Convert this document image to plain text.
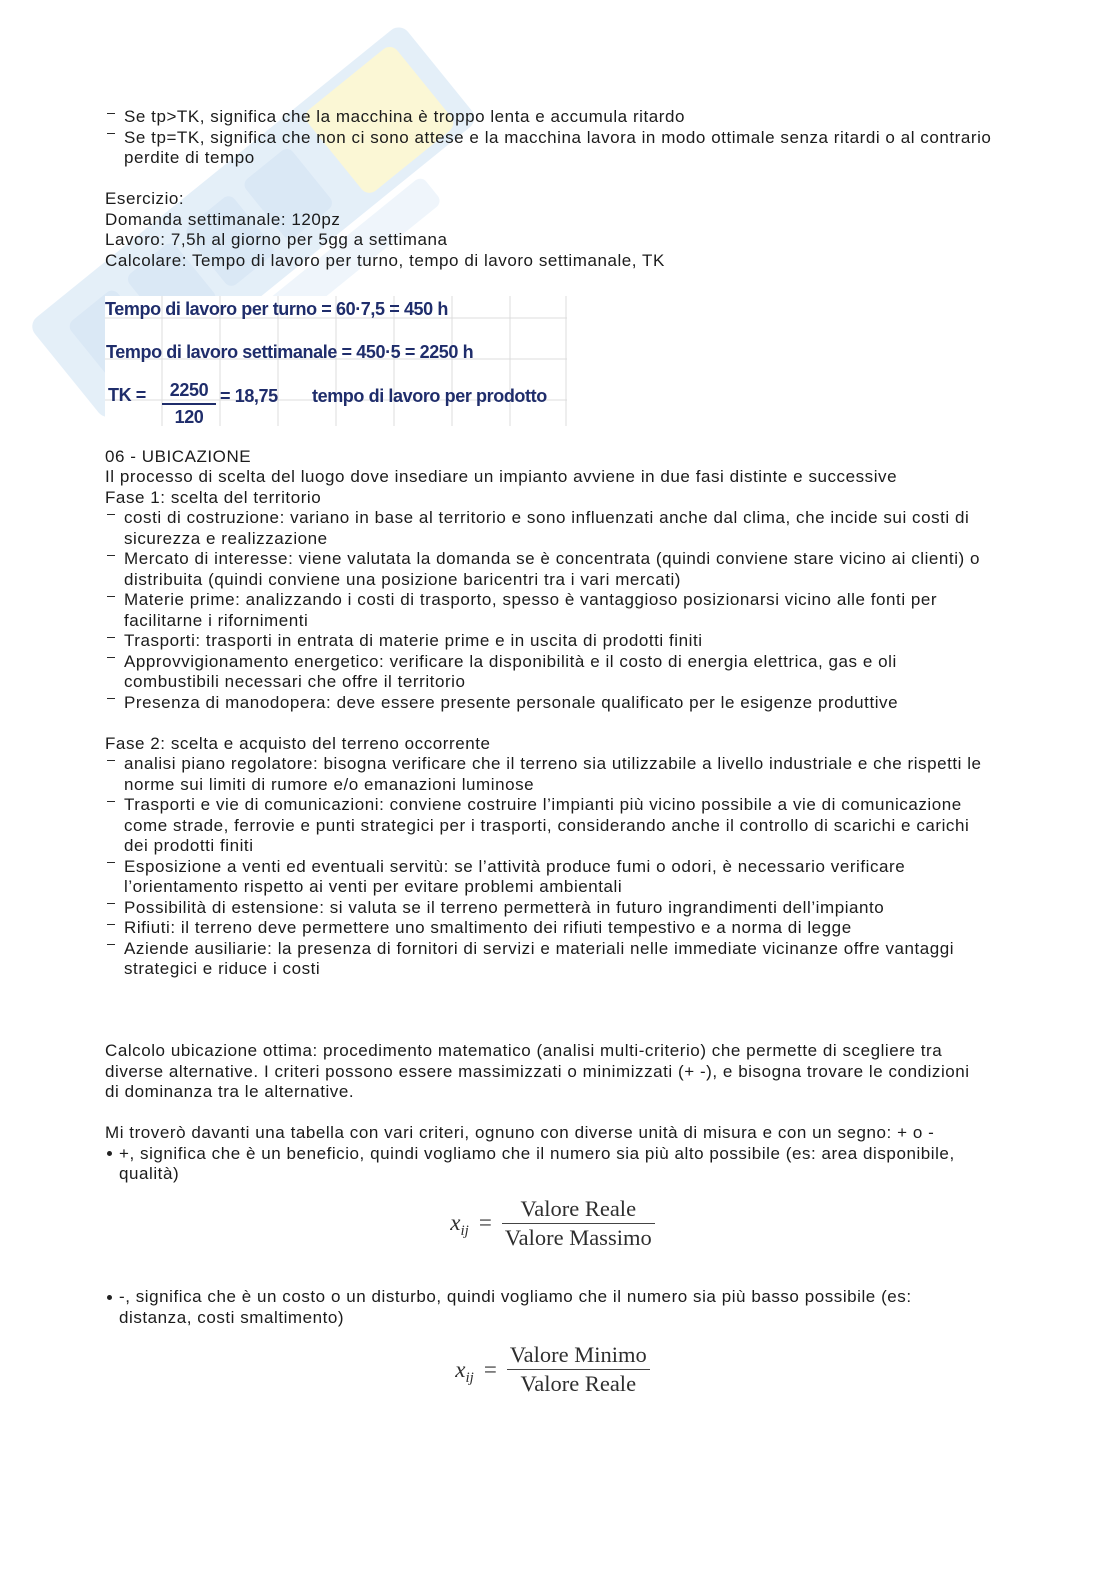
Se tp>TK, significa che la macchina è troppo lenta e accumula ritardo
Se tp=TK, significa che non ci sono attese e la macchina lavora in modo ottimale senza ritardi o al contrario
perdite di tempo
Esercizio:
Domanda settimanale: 120pz
Lavoro: 7,5h al giorno per 5gg a settimana
Calcolare: Tempo di lavoro per turno, tempo di lavoro settimanale, TK
Tempo di lavoro per turno = 60·7,5 = 450 h
Tempo di lavoro settimanale = 450·5 = 2250 h
TK =	2250
120
= 18,75 tempo di lavoro per prodotto
06 - UBICAZIONE
Il processo di scelta del luogo dove insediare un impianto avviene in due fasi distinte e successive
Fase 1: scelta del territorio
costi di costruzione: variano in base al territorio e sono influenzati anche dal clima, che incide sui costi di
sicurezza e realizzazione
Mercato di interesse: viene valutata la domanda se è concentrata (quindi conviene stare vicino ai clienti) o
distribuita (quindi conviene una posizione baricentri tra i vari mercati)
Materie prime: analizzando i costi di trasporto, spesso è vantaggioso posizionarsi vicino alle fonti per
facilitarne i rifornimenti
Trasporti: trasporti in entrata di materie prime e in uscita di prodotti finiti
Approvvigionamento energetico: verificare la disponibilità e il costo di energia elettrica, gas e oli
combustibili necessari che offre il territorio
Presenza di manodopera: deve essere presente personale qualificato per le esigenze produttive
Fase 2: scelta e acquisto del terreno occorrente
analisi piano regolatore: bisogna verificare che il terreno sia utilizzabile a livello industriale e che rispetti le
norme sui limiti di rumore e/o emanazioni luminose
Trasporti e vie di comunicazioni: conviene costruire l’impianti più vicino possibile a vie di comunicazione
come strade, ferrovie e punti strategici per i trasporti, considerando anche il controllo di scarichi e carichi
dei prodotti finiti
Esposizione a venti ed eventuali servitù: se l’attività produce fumi o odori, è necessario verificare
l’orientamento rispetto ai venti per evitare problemi ambientali
Possibilità di estensione: si valuta se il terreno permetterà in futuro ingrandimenti dell’impianto
Rifiuti: il terreno deve permettere uno smaltimento dei rifiuti tempestivo e a norma di legge
Aziende ausiliarie: la presenza di fornitori di servizi e materiali nelle immediate vicinanze offre vantaggi
strategici e riduce i costi
Calcolo ubicazione ottima: procedimento matematico (analisi multi-criterio) che permette di scegliere tra
diverse alternative. I criteri possono essere massimizzati o minimizzati (+ -), e bisogna trovare le condizioni
di dominanza tra le alternative.
Mi troverò davanti una tabella con vari criteri, ognuno con diverse unità di misura e con un segno: + o -
+, significa che è un beneficio, quindi vogliamo che il numero sia più alto possibile (es: area disponibile,
qualità)
$x_{ij} = \frac{\text{Valore Reale}}{\text{Valore Massimo}}$
-, significa che è un costo o un disturbo, quindi vogliamo che il numero sia più basso possibile (es:
distanza, costi smaltimento)
$x_{ij} = \frac{\text{Valore Minimo}}{\text{Valore Reale}}$
